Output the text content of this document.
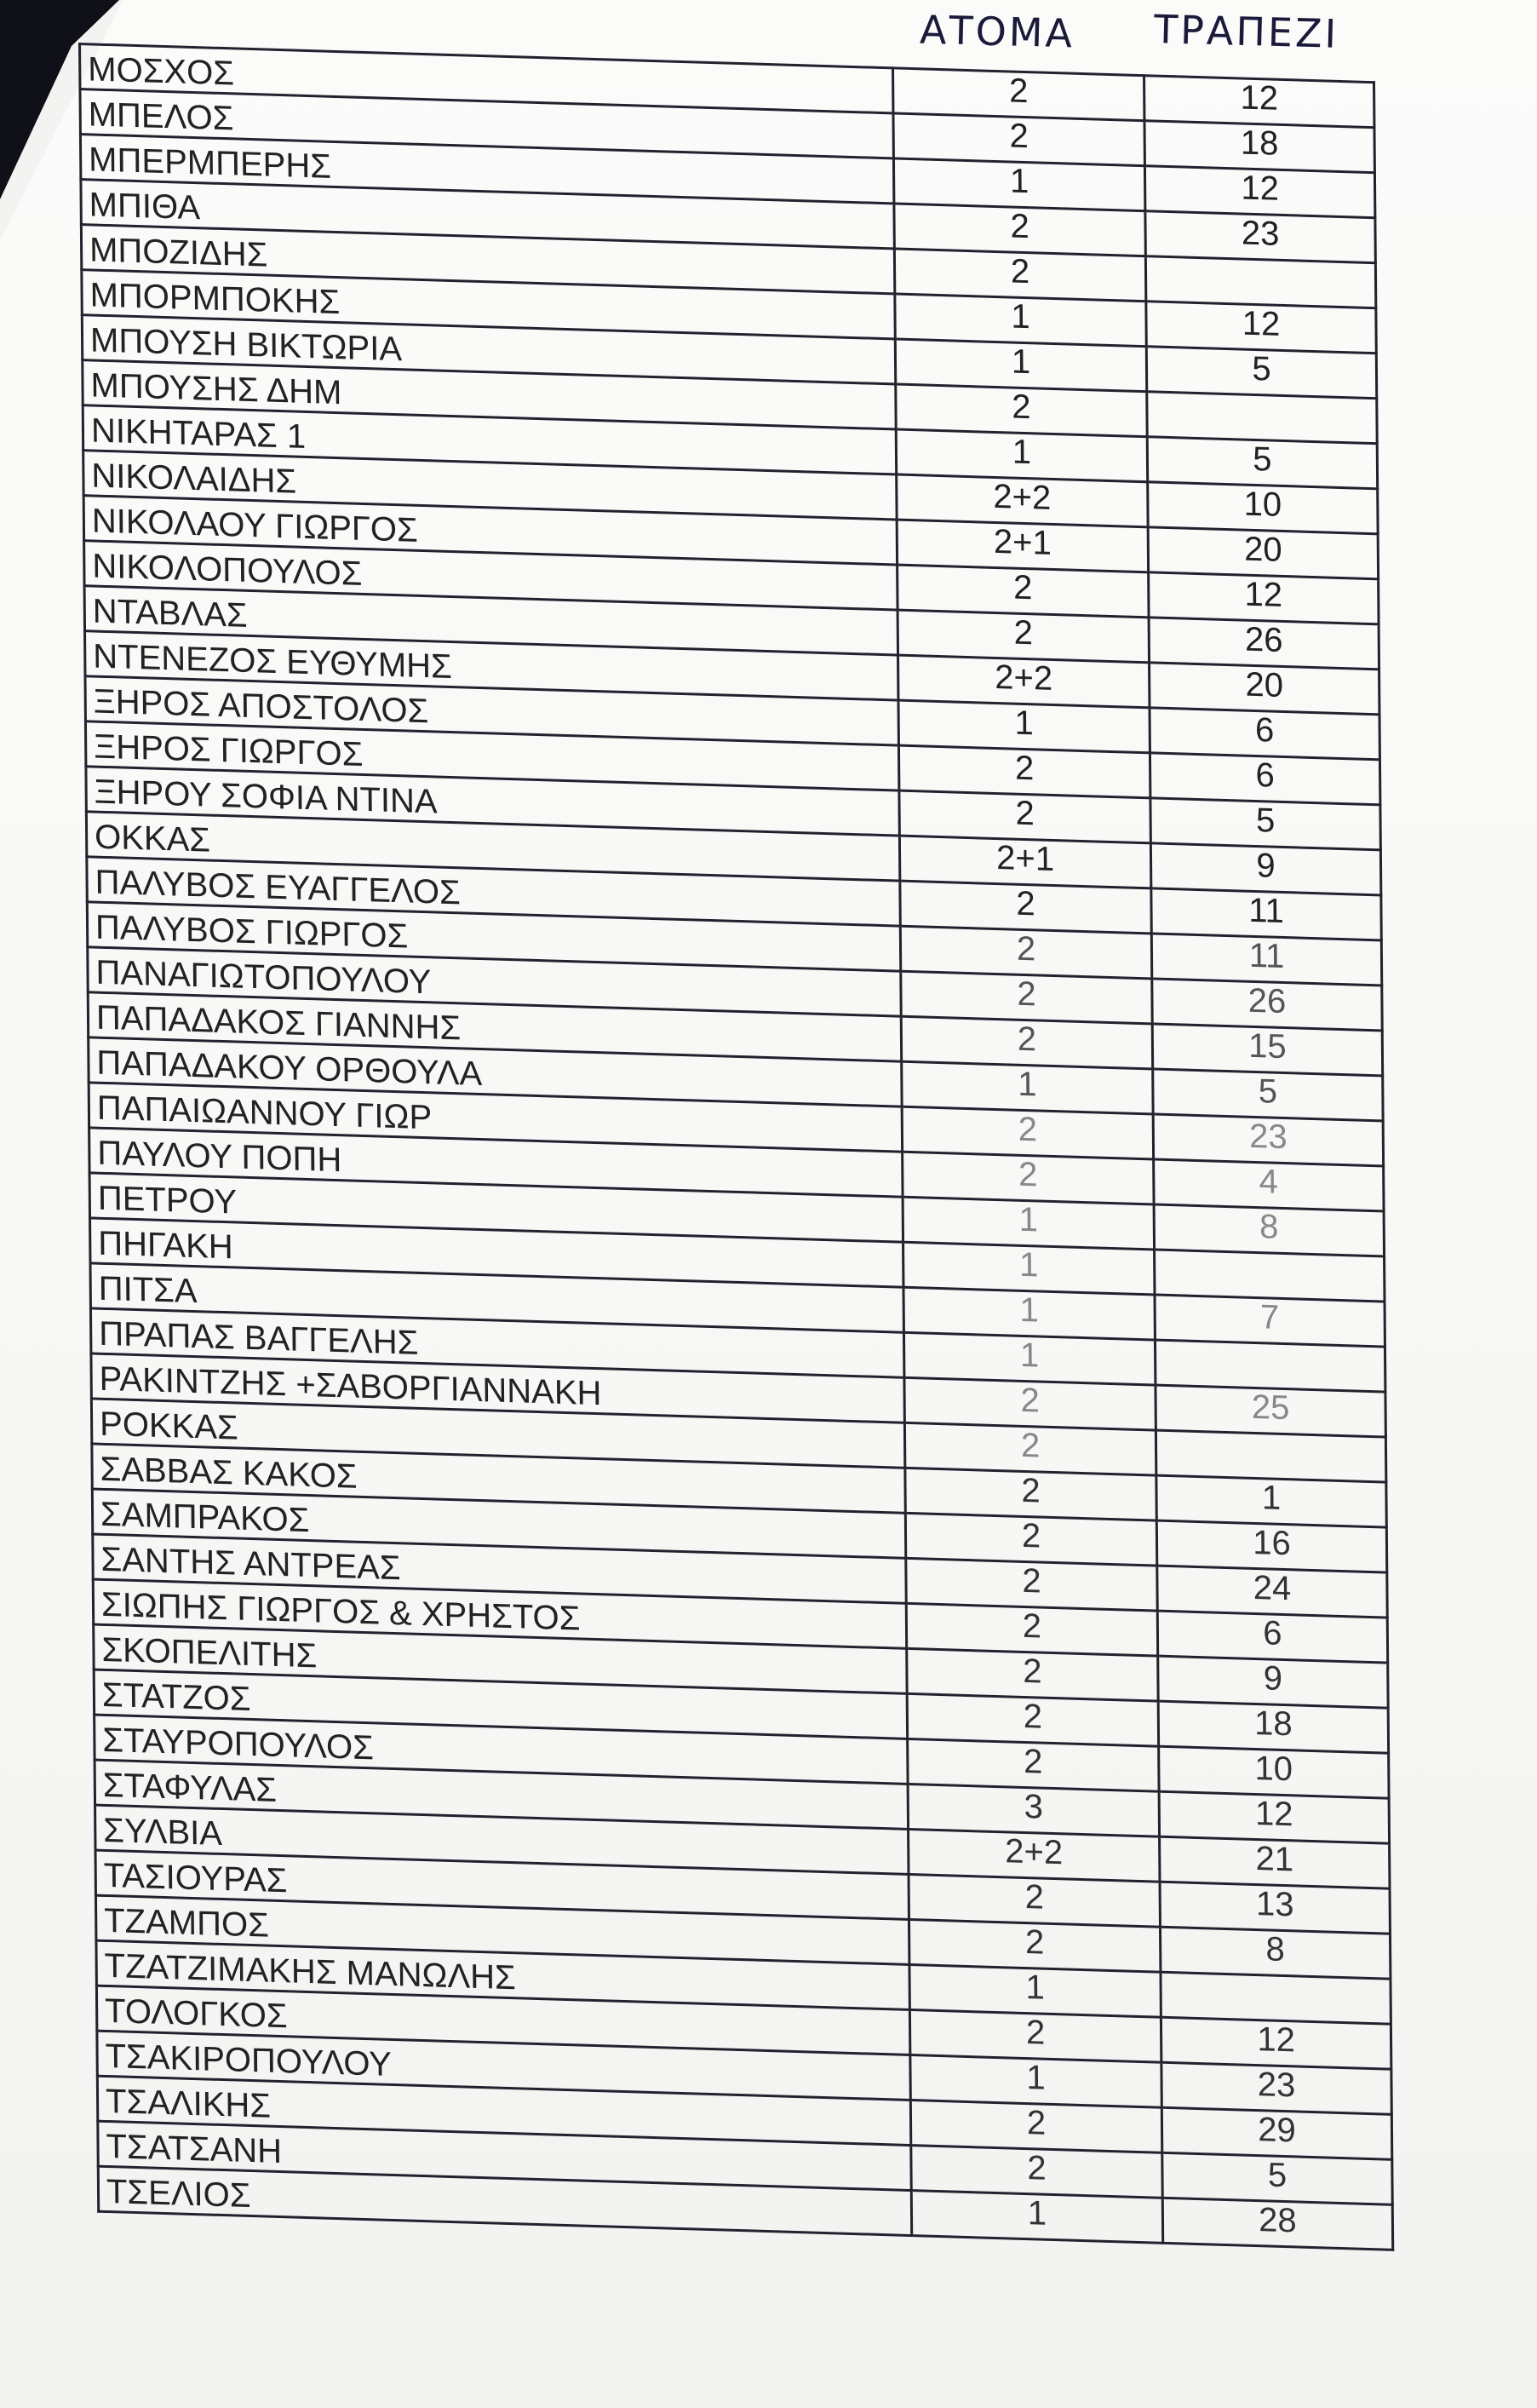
ΑΤΟΜΑ ΤΡΑΠΕΖΙ
ΜΟΣΧΟΣ	2	12
ΜΠΕΛΟΣ	2	18
ΜΠΕΡΜΠΕΡΗΣ	1	12
ΜΠΙΘΑ	2	23
ΜΠΟΖΙΔΗΣ	2	
ΜΠΟΡΜΠΟΚΗΣ	1	12
ΜΠΟΥΣΗ ΒΙΚΤΩΡΙΑ	1	5
ΜΠΟΥΣΗΣ ΔΗΜ	2	
ΝΙΚΗΤΑΡΑΣ 1	1	5
ΝΙΚΟΛΑΙΔΗΣ	2+2	10
ΝΙΚΟΛΑΟΥ ΓΙΩΡΓΟΣ	2+1	20
ΝΙΚΟΛΟΠΟΥΛΟΣ	2	12
ΝΤΑΒΛΑΣ	2	26
ΝΤΕΝΕΖΟΣ ΕΥΘΥΜΗΣ	2+2	20
ΞΗΡΟΣ ΑΠΟΣΤΟΛΟΣ	1	6
ΞΗΡΟΣ ΓΙΩΡΓΟΣ	2	6
ΞΗΡΟΥ ΣΟΦΙΑ ΝΤΙΝΑ	2	5
ΟΚΚΑΣ	2+1	9
ΠΑΛΥΒΟΣ ΕΥΑΓΓΕΛΟΣ	2	11
ΠΑΛΥΒΟΣ ΓΙΩΡΓΟΣ	2	11
ΠΑΝΑΓΙΩΤΟΠΟΥΛΟΥ	2	26
ΠΑΠΑΔΑΚΟΣ ΓΙΑΝΝΗΣ	2	15
ΠΑΠΑΔΑΚΟΥ ΟΡΘΟΥΛΑ	1	5
ΠΑΠΑΙΩΑΝΝΟΥ ΓΙΩΡ	2	23
ΠΑΥΛΟΥ ΠΟΠΗ	2	4
ΠΕΤΡΟΥ	1	8
ΠΗΓΑΚΗ	1	
ΠΙΤΣΑ	1	7
ΠΡΑΠΑΣ ΒΑΓΓΕΛΗΣ	1	
ΡΑΚΙΝΤΖΗΣ +ΣΑΒΟΡΓΙΑΝΝΑΚΗ	2	25
ΡΟΚΚΑΣ	2	
ΣΑΒΒΑΣ ΚΑΚΟΣ	2	1
ΣΑΜΠΡΑΚΟΣ	2	16
ΣΑΝΤΗΣ ΑΝΤΡΕΑΣ	2	24
ΣΙΩΠΗΣ ΓΙΩΡΓΟΣ & ΧΡΗΣΤΟΣ	2	6
ΣΚΟΠΕΛΙΤΗΣ	2	9
ΣΤΑΤΖΟΣ	2	18
ΣΤΑΥΡΟΠΟΥΛΟΣ	2	10
ΣΤΑΦΥΛΑΣ	3	12
ΣΥΛΒΙΑ	2+2	21
ΤΑΣΙΟΥΡΑΣ	2	13
ΤΖΑΜΠΟΣ	2	8
ΤΖΑΤΖΙΜΑΚΗΣ ΜΑΝΩΛΗΣ	1	
ΤΟΛΟΓΚΟΣ	2	12
ΤΣΑΚΙΡΟΠΟΥΛΟΥ	1	23
ΤΣΑΛΙΚΗΣ	2	29
ΤΣΑΤΣΑΝΗ	2	5
ΤΣΕΛΙΟΣ	1	28
